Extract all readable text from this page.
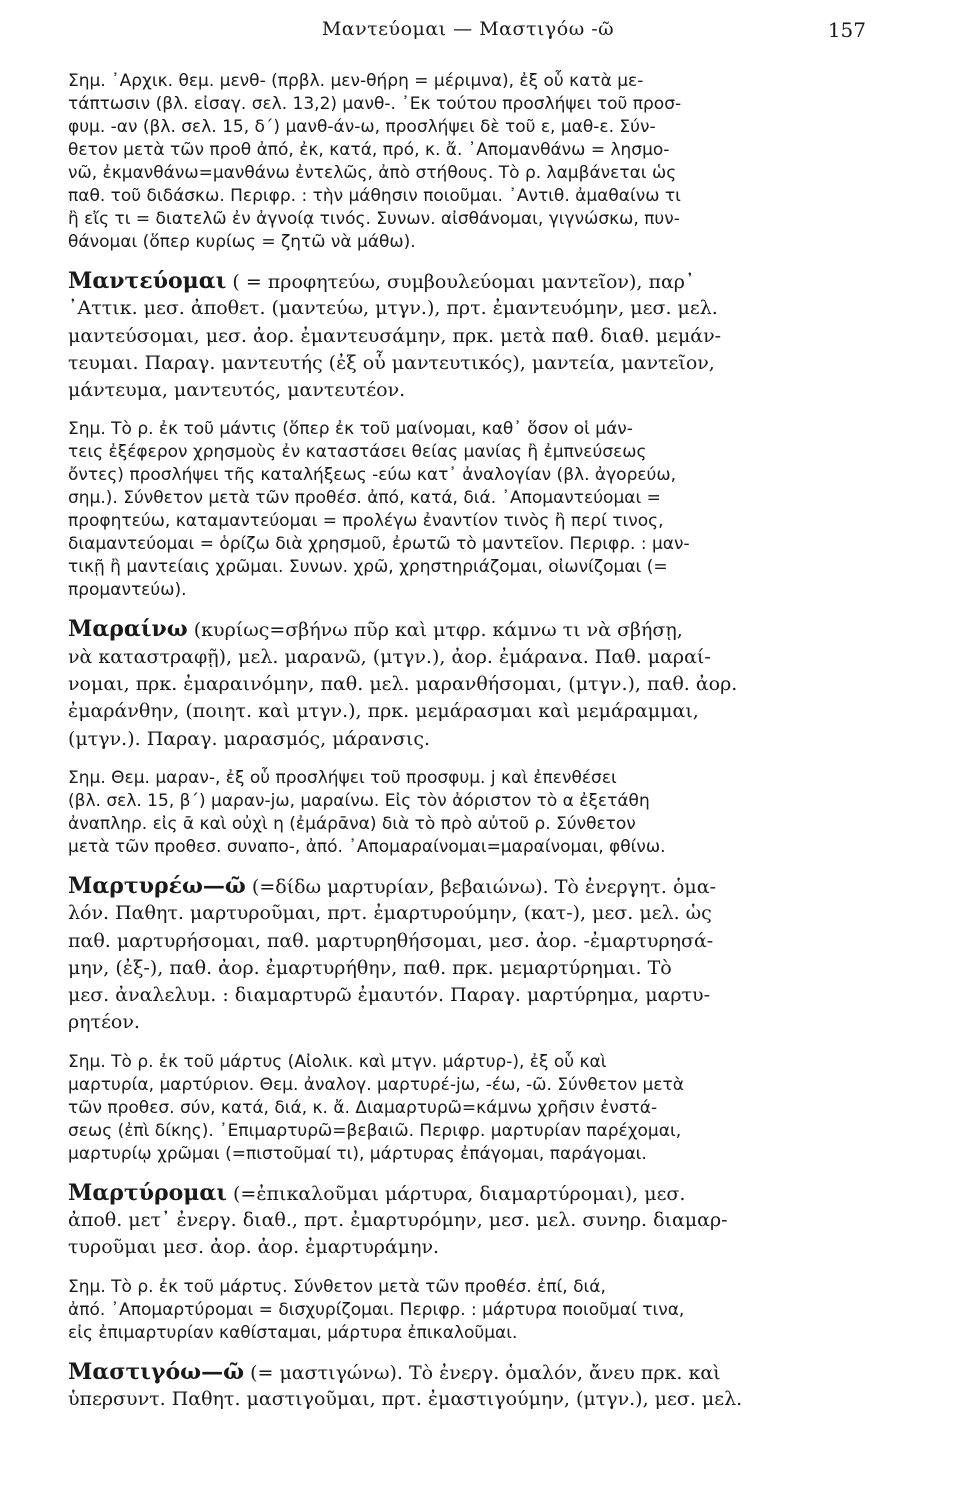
Μαντεύομαι — Μαστιγόω -ῶ	157
Σημ. ᾿Αρχικ. θεμ. μενθ- (πρβλ. μεν-θήρη = μέριμνα), ἐξ οὗ κατὰ με-
τάπτωσιν (βλ. εἰσαγ. σελ. 13,2) μανθ-. ᾿Εκ τούτου προσλήψει τοῦ προσ-
φυμ. -αν (βλ. σελ. 15, δ΄) μανθ-άν-ω, προσλήψει δὲ τοῦ ε, μαθ-ε. Σύν-
θετον μετὰ τῶν προθ ἀπό, ἐκ, κατά, πρό, κ. ἄ. ᾿Απομανθάνω = λησμο-
νῶ, ἐκμανθάνω=μανθάνω ἐντελῶς, ἀπὸ στήθους. Τὸ ρ. λαμβάνεται ὡς
παθ. τοῦ διδάσκω. Περιφρ. : τὴν μάθησιν ποιοῦμαι. ᾿Αντιθ. ἀμαθαίνω τι
ἢ εἴς τι = διατελῶ ἐν ἀγνοίᾳ τινός. Συνων. αἰσθάνομαι, γιγνώσκω, πυν-
θάνομαι (ὅπερ κυρίως = ζητῶ νὰ μάθω).
Μαντεύομαι ( = προφητεύω, συμβουλεύομαι μαντεῖον), παρ᾿
᾿Αττικ. μεσ. ἀποθετ. (μαντεύω, μτγν.), πρτ. ἐμαντευόμην, μεσ. μελ.
μαντεύσομαι, μεσ. ἀορ. ἐμαντευσάμην, πρκ. μετὰ παθ. διαθ. μεμάν-
τευμαι. Παραγ. μαντευτής (ἐξ οὗ μαντευτικός), μαντεία, μαντεῖον,
μάντευμα, μαντευτός, μαντευτέον.
Σημ. Τὸ ρ. ἐκ τοῦ μάντις (ὅπερ ἐκ τοῦ μαίνομαι, καθ᾿ ὅσον οἱ μάν-
τεις ἐξέφερον χρησμοὺς ἐν καταστάσει θείας μανίας ἢ ἐμπνεύσεως
ὄντες) προσλήψει τῆς καταλήξεως -εύω κατ᾿ ἀναλογίαν (βλ. ἀγορεύω,
σημ.). Σύνθετον μετὰ τῶν προθέσ. ἀπό, κατά, διά. ᾿Απομαντεύομαι =
προφητεύω, καταμαντεύομαι = προλέγω ἐναντίον τινὸς ἢ περί τινος,
διαμαντεύομαι = ὁρίζω διὰ χρησμοῦ, ἐρωτῶ τὸ μαντεῖον. Περιφρ. : μαν-
τικῇ ἢ μαντείαις χρῶμαι. Συνων. χρῶ, χρηστηριάζομαι, οἰωνίζομαι (=
προμαντεύω).
Μαραίνω (κυρίως=σβήνω πῦρ καὶ μτφρ. κάμνω τι νὰ σβήσῃ,
νὰ καταστραφῇ), μελ. μαρανῶ, (μτγν.), ἀορ. ἐμάρανα. Παθ. μαραί-
νομαι, πρκ. ἐμαραινόμην, παθ. μελ. μαρανθήσομαι, (μτγν.), παθ. ἀορ.
ἐμαράνθην, (ποιητ. καὶ μτγν.), πρκ. μεμάρασμαι καὶ μεμάραμμαι,
(μτγν.). Παραγ. μαρασμός, μάρανσις.
Σημ. Θεμ. μαραν-, ἐξ οὗ προσλήψει τοῦ προσφυμ. j καὶ ἐπενθέσει
(βλ. σελ. 15, β΄) μαραν-jω, μαραίνω. Εἰς τὸν ἀόριστον τὸ α ἐξετάθη
ἀναπληρ. εἰς ᾱ καὶ οὐχὶ η (ἐμάρᾱνα) διὰ τὸ πρὸ αὐτοῦ ρ. Σύνθετον
μετὰ τῶν προθεσ. συναπο-, ἀπό. ᾿Απομαραίνομαι=μαραίνομαι, φθίνω.
Μαρτυρέω—ῶ (=δίδω μαρτυρίαν, βεβαιώνω). Τὸ ἐνεργητ. ὁμα-
λόν. Παθητ. μαρτυροῦμαι, πρτ. ἐμαρτυρούμην, (κατ-), μεσ. μελ. ὡς
παθ. μαρτυρήσομαι, παθ. μαρτυρηθήσομαι, μεσ. ἀορ. -ἐμαρτυρησά-
μην, (ἐξ-), παθ. ἀορ. ἐμαρτυρήθην, παθ. πρκ. μεμαρτύρημαι. Τὸ
μεσ. ἀναλελυμ. : διαμαρτυρῶ ἐμαυτόν. Παραγ. μαρτύρημα, μαρτυ-
ρητέον.
Σημ. Τὸ ρ. ἐκ τοῦ μάρτυς (Αἰολικ. καὶ μτγν. μάρτυρ-), ἐξ οὗ καὶ
μαρτυρία, μαρτύριον. Θεμ. ἀναλογ. μαρτυρέ-jω, -έω, -ῶ. Σύνθετον μετὰ
τῶν προθεσ. σύν, κατά, διά, κ. ἄ. Διαμαρτυρῶ=κάμνω χρῆσιν ἐνστά-
σεως (ἐπὶ δίκης). ᾿Επιμαρτυρῶ=βεβαιῶ. Περιφρ. μαρτυρίαν παρέχομαι,
μαρτυρίῳ χρῶμαι (=πιστοῦμαί τι), μάρτυρας ἐπάγομαι, παράγομαι.
Μαρτύρομαι (=ἐπικαλοῦμαι μάρτυρα, διαμαρτύρομαι), μεσ.
ἀποθ. μετ᾿ ἐνεργ. διαθ., πρτ. ἐμαρτυρόμην, μεσ. μελ. συνηρ. διαμαρ-
τυροῦμαι μεσ. ἀορ. ἀορ. ἐμαρτυράμην.
Σημ. Τὸ ρ. ἐκ τοῦ μάρτυς. Σύνθετον μετὰ τῶν προθέσ. ἐπί, διά,
ἀπό. ᾿Απομαρτύρομαι = δισχυρίζομαι. Περιφρ. : μάρτυρα ποιοῦμαί τινα,
εἰς ἐπιμαρτυρίαν καθίσταμαι, μάρτυρα ἐπικαλοῦμαι.
Μαστιγόω—ῶ (= μαστιγώνω). Τὸ ἐνεργ. ὁμαλόν, ἄνευ πρκ. καὶ
ὑπερσυντ. Παθητ. μαστιγοῦμαι, πρτ. ἐμαστιγούμην, (μτγν.), μεσ. μελ.
